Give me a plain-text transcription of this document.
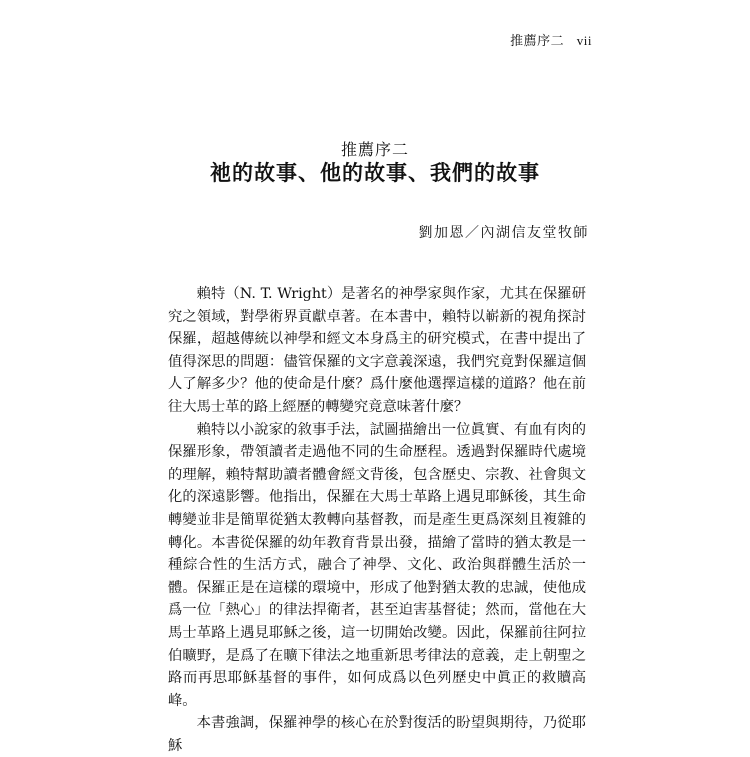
推薦序二 vii
推薦序二
祂的故事、他的故事、我們的故事
劉加恩／內湖信友堂牧師

賴特（N. T. Wright）是著名的神學家與作家，尤其在保羅研究之領域，對學術界貢獻卓著。在本書中，賴特以嶄新的視角探討保羅，超越傳統以神學和經文本身爲主的研究模式，在書中提出了值得深思的問題：儘管保羅的文字意義深遠，我們究竟對保羅這個人了解多少？他的使命是什麼？爲什麼他選擇這樣的道路？他在前往大馬士革的路上經歷的轉變究竟意味著什麼？

賴特以小說家的敘事手法，試圖描繪出一位眞實、有血有肉的保羅形象，帶領讀者走過他不同的生命歷程。透過對保羅時代處境的理解，賴特幫助讀者體會經文背後，包含歷史、宗教、社會與文化的深遠影響。他指出，保羅在大馬士革路上遇見耶穌後，其生命轉變並非是簡單從猶太教轉向基督教，而是產生更爲深刻且複雜的轉化。本書從保羅的幼年教育背景出發，描繪了當時的猶太教是一種綜合性的生活方式，融合了神學、文化、政治與群體生活於一體。保羅正是在這樣的環境中，形成了他對猶太教的忠誠，使他成爲一位「熱心」的律法捍衛者，甚至迫害基督徒；然而，當他在大馬士革路上遇見耶穌之後，這一切開始改變。因此，保羅前往阿拉伯曠野，是爲了在曠下律法之地重新思考律法的意義，走上朝聖之路而再思耶穌基督的事件，如何成爲以色列歷史中眞正的救贖高峰。

本書強調，保羅神學的核心在於對復活的盼望與期待，乃從耶穌
